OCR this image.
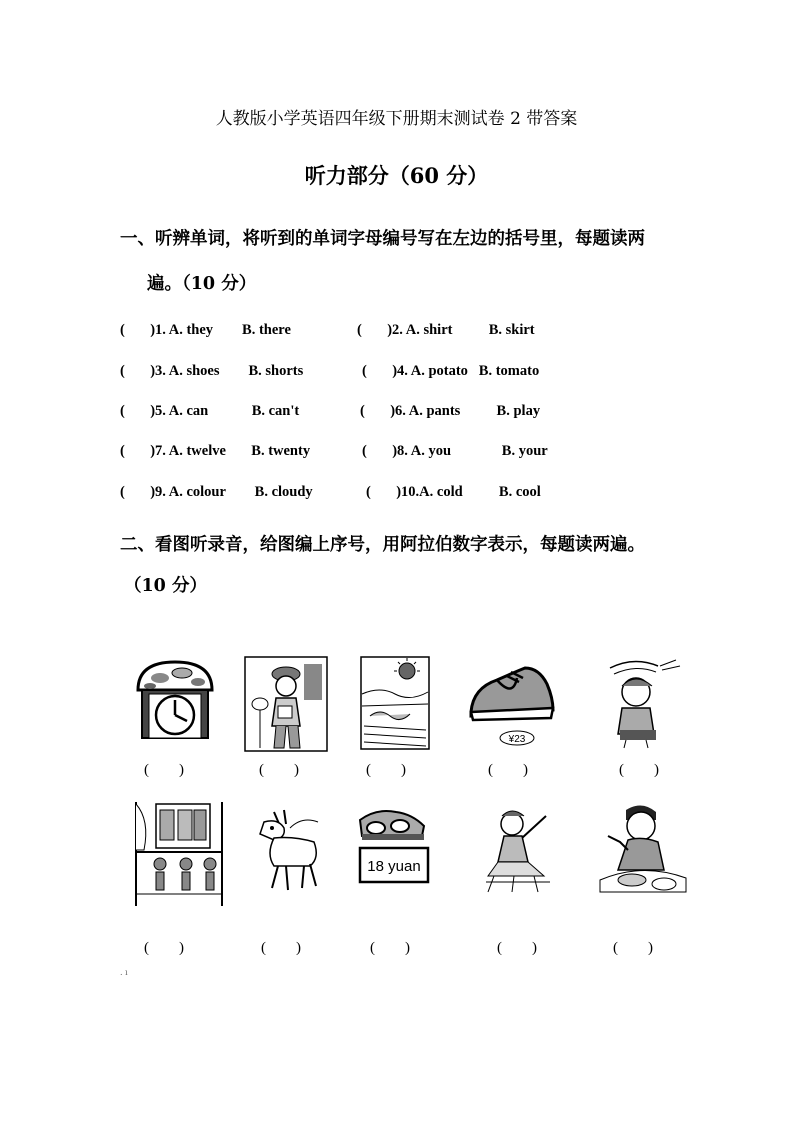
人教版小学英语四年级下册期末测试卷 2 带答案
听力部分（60 分）
一、听辨单词，将听到的单词字母编号写在左边的括号里，每题读两
遍。（10 分）
(       )1. A. they        B. there	(       )2. A. shirt          B. skirt
(       )3. A. shoes        B. shorts	(       )4. A. potato   B. tomato
(       )5. A. can            B. can't	(       )6. A. pants          B. play
(       )7. A. twelve       B. twenty	(       )8. A. you              B. your
(       )9. A. colour        B. cloudy	(       )10.A. cold          B. cool
二、看图听录音，给图编上序号，用阿拉伯数字表示，每题读两遍。
（10 分）
¥23
(        )	(        )	(        )	(        )	(        )
18 yuan
(        )	(        )	(        )	(        )	(        )
. ı
